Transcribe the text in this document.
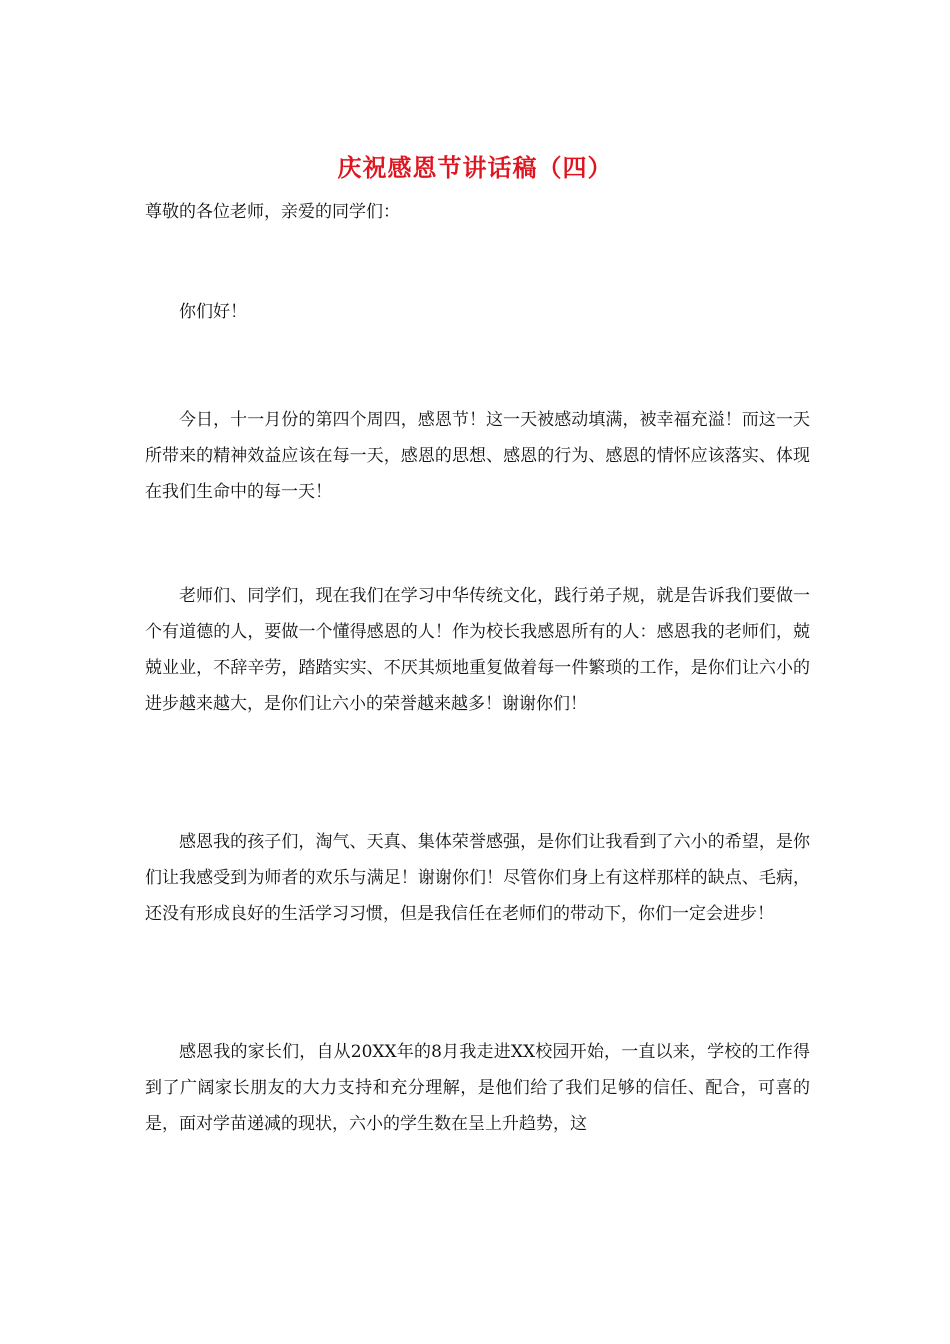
庆祝感恩节讲话稿（四）

尊敬的各位老师，亲爱的同学们：

你们好！

今日，十一月份的第四个周四，感恩节！这一天被感动填满，被幸福充溢！而这一天所带来的精神效益应该在每一天，感恩的思想、感恩的行为、感恩的情怀应该落实、体现在我们生命中的每一天！

老师们、同学们，现在我们在学习中华传统文化，践行弟子规，就是告诉我们要做一个有道德的人，要做一个懂得感恩的人！作为校长我感恩所有的人：感恩我的老师们，兢兢业业，不辞辛劳，踏踏实实、不厌其烦地重复做着每一件繁琐的工作，是你们让六小的进步越来越大，是你们让六小的荣誉越来越多！谢谢你们！

感恩我的孩子们，淘气、天真、集体荣誉感强，是你们让我看到了六小的希望，是你们让我感受到为师者的欢乐与满足！谢谢你们！尽管你们身上有这样那样的缺点、毛病，还没有形成良好的生活学习习惯，但是我信任在老师们的带动下，你们一定会进步！

感恩我的家长们，自从20XX年的8月我走进XX校园开始，一直以来，学校的工作得到了广阔家长朋友的大力支持和充分理解，是他们给了我们足够的信任、配合，可喜的是，面对学苗递减的现状，六小的学生数在呈上升趋势，这
